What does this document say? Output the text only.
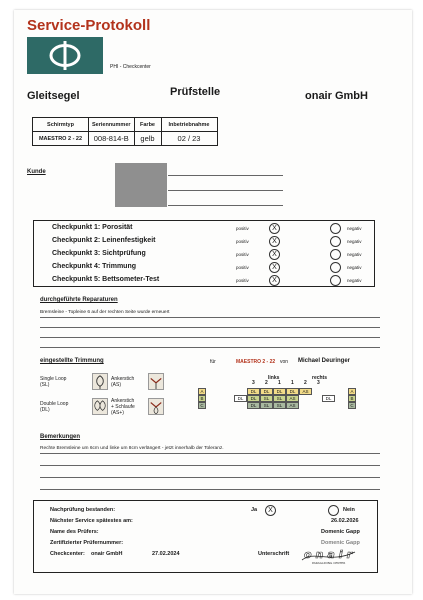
Service-Protokoll
PHI - Checkcenter
Gleitsegel	Prüfstelle	onair GmbH
Schirmtyp	Seriennummer	Farbe	Inbetriebnahme
MAESTRO 2 - 22	008-814-B	gelb	02 / 23
Kunde
Checkpunkt 1: Porosität	positiv	X	negativ
Checkpunkt 2: Leinenfestigkeit	positiv	X	negativ
Checkpunkt 3: Sichtprüfung	positiv	X	negativ
Checkpunkt 4: Trimmung	positiv	X	negativ
Checkpunkt 5: Bettsometer-Test	positiv	X	negativ
durchgeführte Reparaturen
Bremsleine - Topleine 6 auf der rechten Seite wurde erneuert
eingestellte Trimmung	für	MAESTRO 2 - 22 von Michael Deuringer
Single Loop
(SL)
Ankerstich
(AS)
Double Loop
(DL)
Ankerstich
+ Schlaufe
(AS+)
links	rechts
3 2 1 1 2 3
A	A
DL	DL	DL	DL	AS
B	B
DL	DL	SL	SL	AS	DL
C	C
DL	SL	SL	AS
Bemerkungen
Rechte Bremsleine um 6cm und linke um 8cm verlängert - jetzt innerhalb der Toleranz.
Nachprüfung bestanden:	Ja	X	Nein
Nächster Service spätestes am:	26.02.2026
Name des Prüfers:	Domenic Gapp
Zertifizierter Prüfernummer:	Domenic Gapp
Checkcenter: onair GmbH	27.02.2024	Unterschrift onair
PARAGLIDING CENTER
